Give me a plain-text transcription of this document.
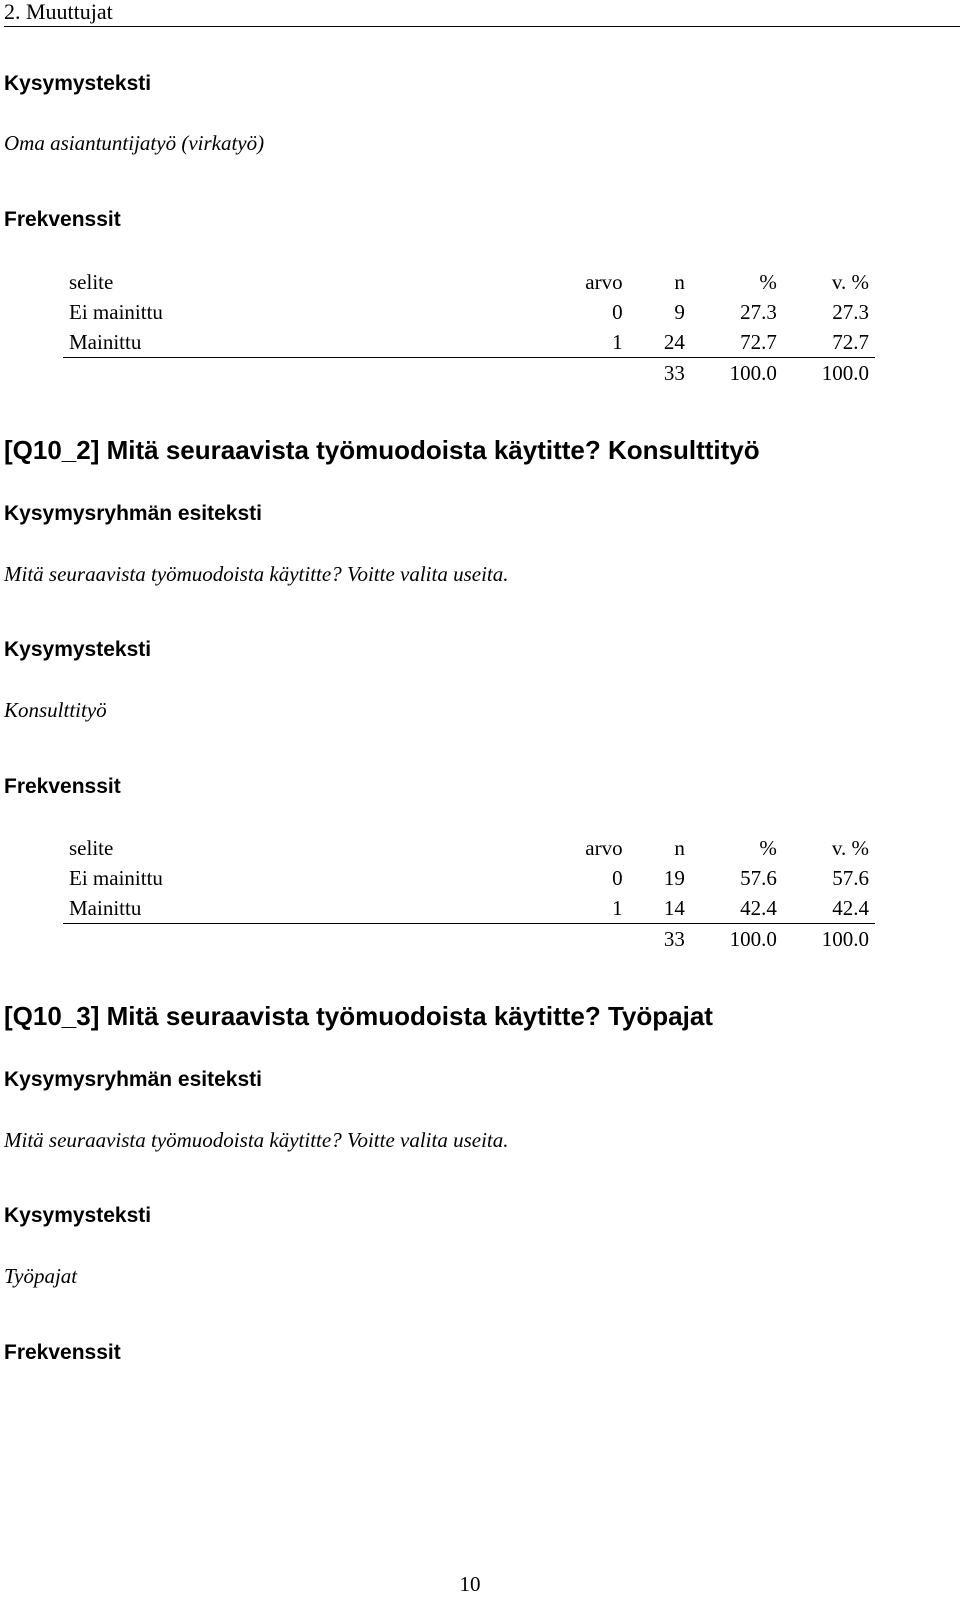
2. Muuttujat
Kysymysteksti
Oma asiantuntijatyö (virkatyö)
Frekvenssit
selite	arvo	n	%	v. %
Ei mainittu	0	9	27.3	27.3
Mainittu	1	24	72.7	72.7
		33	100.0	100.0
[Q10_2] Mitä seuraavista työmuodoista käytitte? Konsulttityö
Kysymysryhmän esiteksti
Mitä seuraavista työmuodoista käytitte? Voitte valita useita.
Kysymysteksti
Konsulttityö
Frekvenssit
selite	arvo	n	%	v. %
Ei mainittu	0	19	57.6	57.6
Mainittu	1	14	42.4	42.4
		33	100.0	100.0
[Q10_3] Mitä seuraavista työmuodoista käytitte? Työpajat
Kysymysryhmän esiteksti
Mitä seuraavista työmuodoista käytitte? Voitte valita useita.
Kysymysteksti
Työpajat
Frekvenssit
10
